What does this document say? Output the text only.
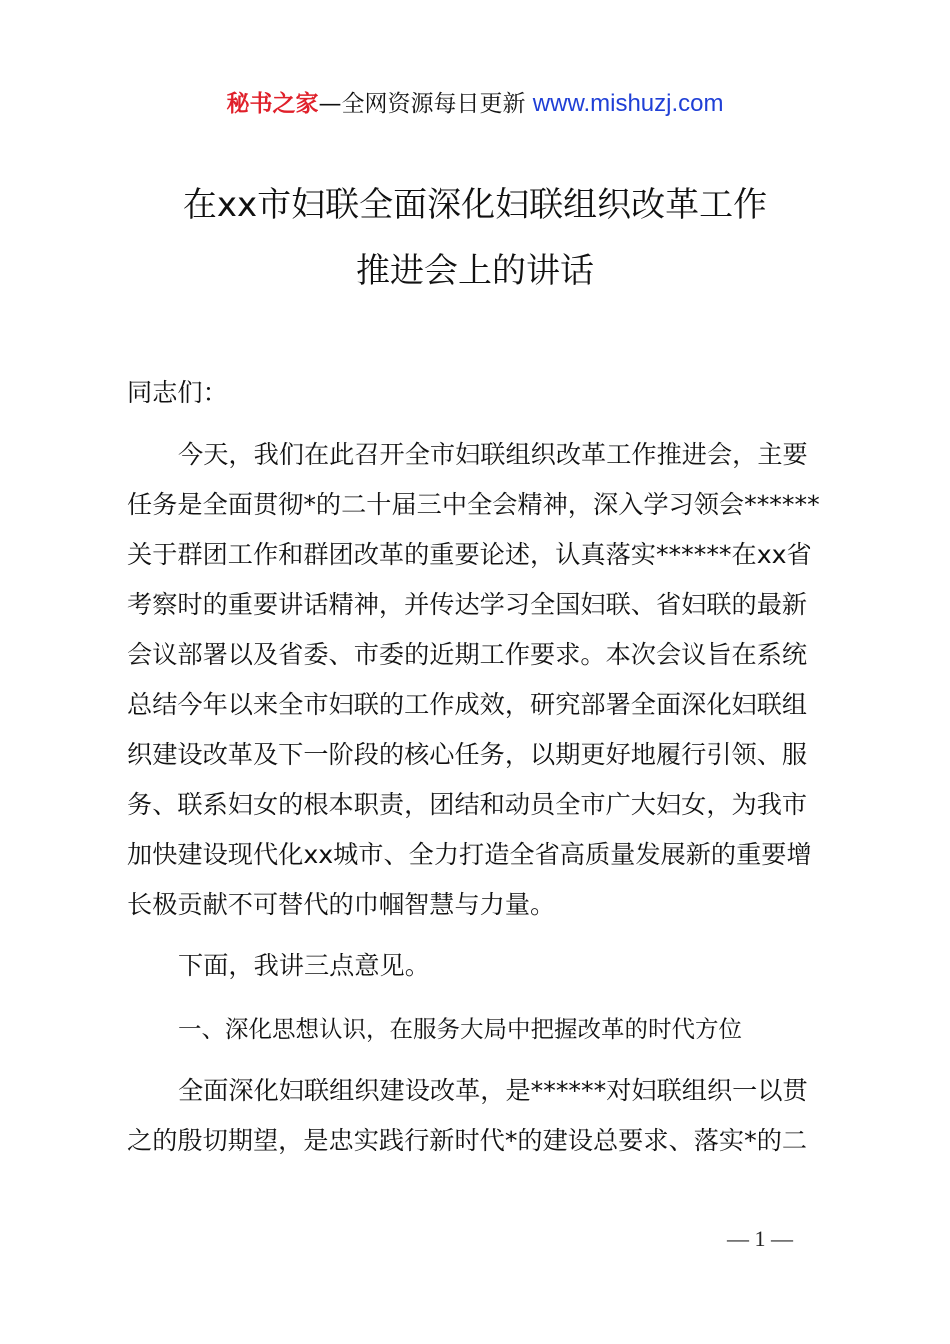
秘书之家—全网资源每日更新 www.mishuzj.com
在xx市妇联全面深化妇联组织改革工作
推进会上的讲话
同志们：
今天，我们在此召开全市妇联组织改革工作推进会，主要
任务是全面贯彻*的二十届三中全会精神，深入学习领会******
关于群团工作和群团改革的重要论述，认真落实******在xx省
考察时的重要讲话精神，并传达学习全国妇联、省妇联的最新
会议部署以及省委、市委的近期工作要求。本次会议旨在系统
总结今年以来全市妇联的工作成效，研究部署全面深化妇联组
织建设改革及下一阶段的核心任务，以期更好地履行引领、服
务、联系妇女的根本职责，团结和动员全市广大妇女，为我市
加快建设现代化xx城市、全力打造全省高质量发展新的重要增
长极贡献不可替代的巾帼智慧与力量。
下面，我讲三点意见。
一、深化思想认识，在服务大局中把握改革的时代方位
全面深化妇联组织建设改革，是******对妇联组织一以贯
之的殷切期望，是忠实践行新时代*的建设总要求、落实*的二
— 1 —
